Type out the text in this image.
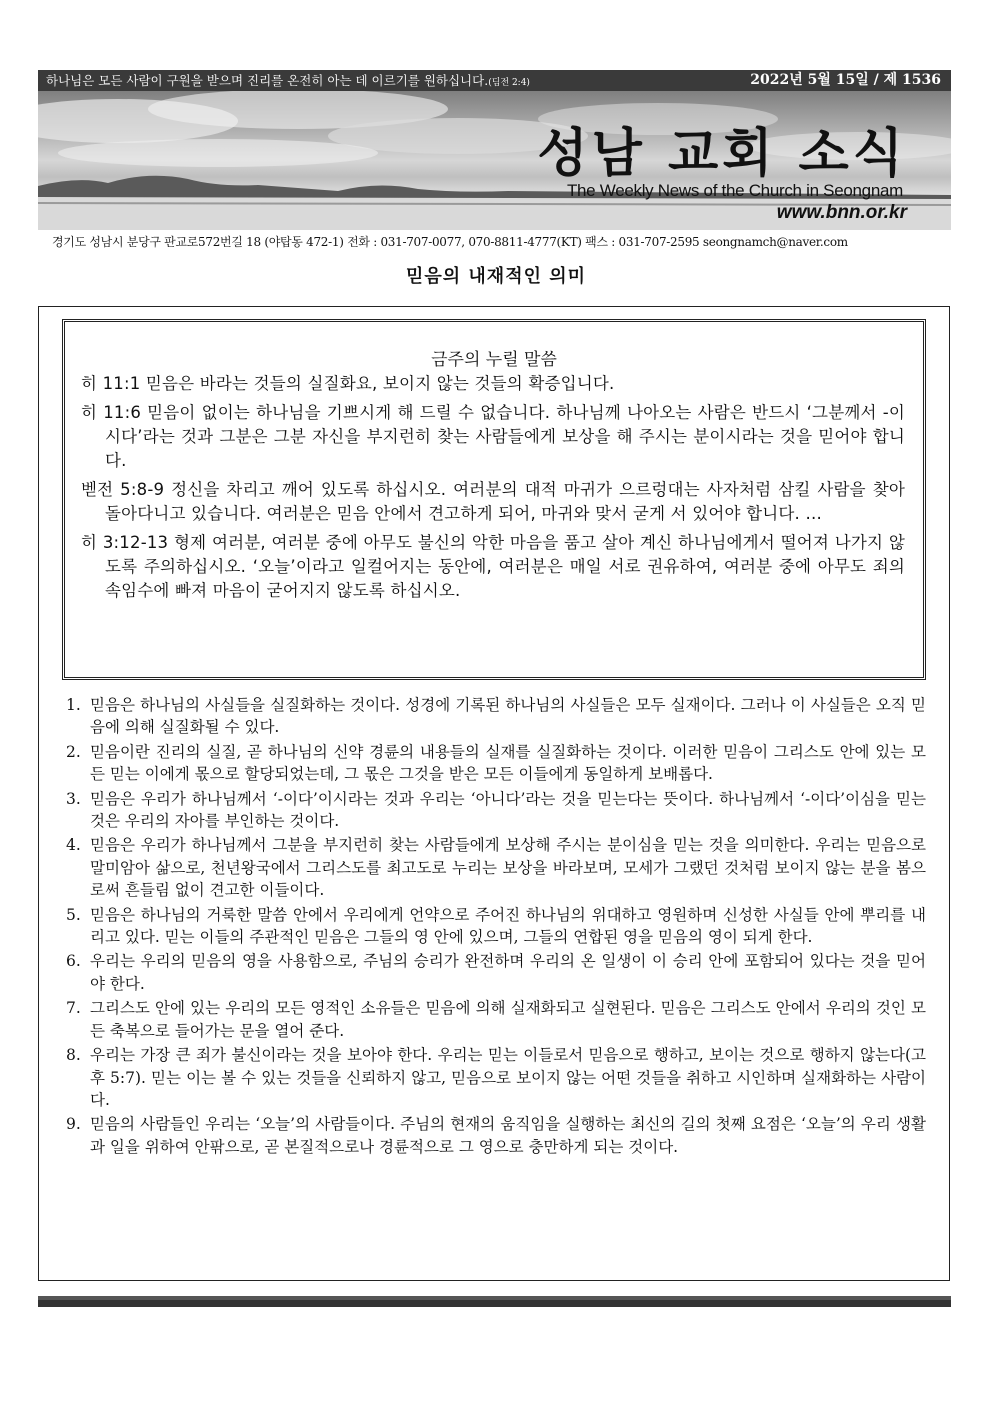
하나님은 모든 사람이 구원을 받으며 진리를 온전히 아는 데 이르기를 원하십니다.(딤전 2:4)	2022년 5월 15일 / 제 1536
성남 교회 소식
The Weekly News of the Church in Seongnam
www.bnn.or.kr
경기도 성남시 분당구 판교로572번길 18 (야탑동 472-1) 전화 : 031-707-0077, 070-8811-4777(KT) 팩스 : 031-707-2595 seongnamch@naver.com
믿음의 내재적인 의미
금주의 누릴 말씀
히 11:1 믿음은 바라는 것들의 실질화요, 보이지 않는 것들의 확증입니다.
히 11:6 믿음이 없이는 하나님을 기쁘시게 해 드릴 수 없습니다. 하나님께 나아오는 사람은 반드시 ‘그분께서 -이시다’라는 것과 그분은 그분 자신을 부지런히 찾는 사람들에게 보상을 해 주시는 분이시라는 것을 믿어야 합니다.
벧전 5:8-9 정신을 차리고 깨어 있도록 하십시오. 여러분의 대적 마귀가 으르렁대는 사자처럼 삼킬 사람을 찾아 돌아다니고 있습니다. 여러분은 믿음 안에서 견고하게 되어, 마귀와 맞서 굳게 서 있어야 합니다. …
히 3:12-13 형제 여러분, 여러분 중에 아무도 불신의 악한 마음을 품고 살아 계신 하나님에게서 떨어져 나가지 않도록 주의하십시오. ‘오늘’이라고 일컬어지는 동안에, 여러분은 매일 서로 권유하여, 여러분 중에 아무도 죄의 속임수에 빠져 마음이 굳어지지 않도록 하십시오.
1. 믿음은 하나님의 사실들을 실질화하는 것이다. 성경에 기록된 하나님의 사실들은 모두 실재이다. 그러나 이 사실들은 오직 믿음에 의해 실질화될 수 있다.
2. 믿음이란 진리의 실질, 곧 하나님의 신약 경륜의 내용들의 실재를 실질화하는 것이다. 이러한 믿음이 그리스도 안에 있는 모든 믿는 이에게 몫으로 할당되었는데, 그 몫은 그것을 받은 모든 이들에게 동일하게 보배롭다.
3. 믿음은 우리가 하나님께서 ‘-이다’이시라는 것과 우리는 ‘아니다’라는 것을 믿는다는 뜻이다. 하나님께서 ‘-이다’이심을 믿는 것은 우리의 자아를 부인하는 것이다.
4. 믿음은 우리가 하나님께서 그분을 부지런히 찾는 사람들에게 보상해 주시는 분이심을 믿는 것을 의미한다. 우리는 믿음으로 말미암아 삶으로, 천년왕국에서 그리스도를 최고도로 누리는 보상을 바라보며, 모세가 그랬던 것처럼 보이지 않는 분을 봄으로써 흔들림 없이 견고한 이들이다.
5. 믿음은 하나님의 거룩한 말씀 안에서 우리에게 언약으로 주어진 하나님의 위대하고 영원하며 신성한 사실들 안에 뿌리를 내리고 있다. 믿는 이들의 주관적인 믿음은 그들의 영 안에 있으며, 그들의 연합된 영을 믿음의 영이 되게 한다.
6. 우리는 우리의 믿음의 영을 사용함으로, 주님의 승리가 완전하며 우리의 온 일생이 이 승리 안에 포함되어 있다는 것을 믿어야 한다.
7. 그리스도 안에 있는 우리의 모든 영적인 소유들은 믿음에 의해 실재화되고 실현된다. 믿음은 그리스도 안에서 우리의 것인 모든 축복으로 들어가는 문을 열어 준다.
8. 우리는 가장 큰 죄가 불신이라는 것을 보아야 한다. 우리는 믿는 이들로서 믿음으로 행하고, 보이는 것으로 행하지 않는다(고후 5:7). 믿는 이는 볼 수 있는 것들을 신뢰하지 않고, 믿음으로 보이지 않는 어떤 것들을 취하고 시인하며 실재화하는 사람이다.
9. 믿음의 사람들인 우리는 ‘오늘’의 사람들이다. 주님의 현재의 움직임을 실행하는 최신의 길의 첫째 요점은 ‘오늘’의 우리 생활과 일을 위하여 안팎으로, 곧 본질적으로나 경륜적으로 그 영으로 충만하게 되는 것이다.
